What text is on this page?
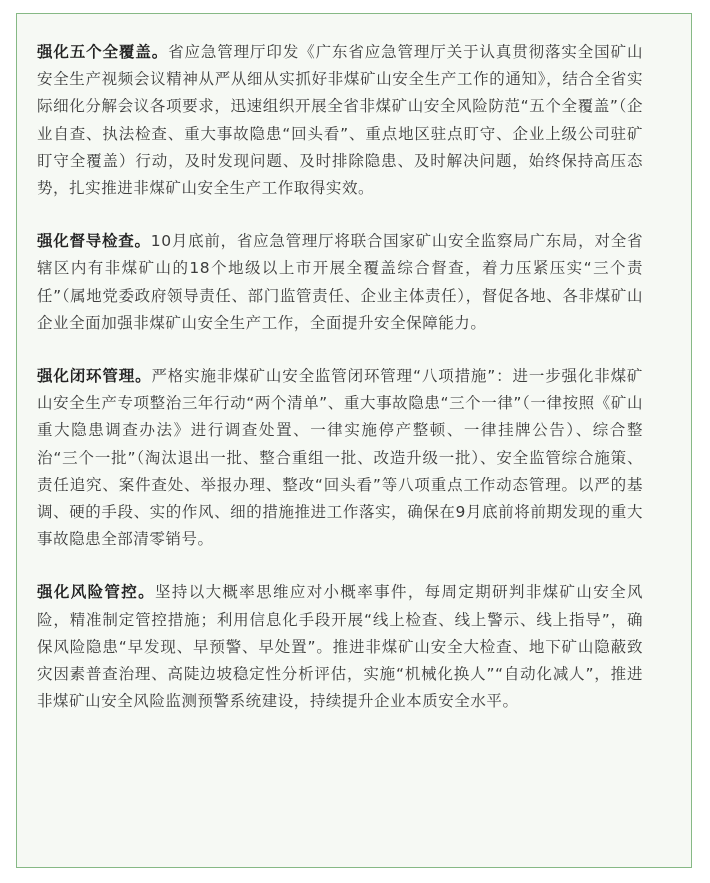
强化五个全覆盖。省应急管理厅印发《广东省应急管理厅关于认真贯彻落实全国矿山安全生产视频会议精神从严从细从实抓好非煤矿山安全生产工作的通知》，结合全省实际细化分解会议各项要求，迅速组织开展全省非煤矿山安全风险防范“五个全覆盖”（企业自查、执法检查、重大事故隐患“回头看”、重点地区驻点盯守、企业上级公司驻矿盯守全覆盖）行动，及时发现问题、及时排除隐患、及时解决问题，始终保持高压态势，扎实推进非煤矿山安全生产工作取得实效。

强化督导检查。10月底前，省应急管理厅将联合国家矿山安全监察局广东局，对全省辖区内有非煤矿山的18个地级以上市开展全覆盖综合督查，着力压紧压实“三个责任”（属地党委政府领导责任、部门监管责任、企业主体责任），督促各地、各非煤矿山企业全面加强非煤矿山安全生产工作，全面提升安全保障能力。

强化闭环管理。严格实施非煤矿山安全监管闭环管理“八项措施”：进一步强化非煤矿山安全生产专项整治三年行动“两个清单”、重大事故隐患“三个一律”（一律按照《矿山重大隐患调查办法》进行调查处置、一律实施停产整顿、一律挂牌公告）、综合整治“三个一批”（淘汰退出一批、整合重组一批、改造升级一批）、安全监管综合施策、责任追究、案件查处、举报办理、整改“回头看”等八项重点工作动态管理。以严的基调、硬的手段、实的作风、细的措施推进工作落实，确保在9月底前将前期发现的重大事故隐患全部清零销号。

强化风险管控。坚持以大概率思维应对小概率事件，每周定期研判非煤矿山安全风险，精准制定管控措施；利用信息化手段开展“线上检查、线上警示、线上指导”，确保风险隐患“早发现、早预警、早处置”。推进非煤矿山安全大检查、地下矿山隐蔽致灾因素普查治理、高陡边坡稳定性分析评估，实施“机械化换人”“自动化减人”，推进非煤矿山安全风险监测预警系统建设，持续提升企业本质安全水平。
